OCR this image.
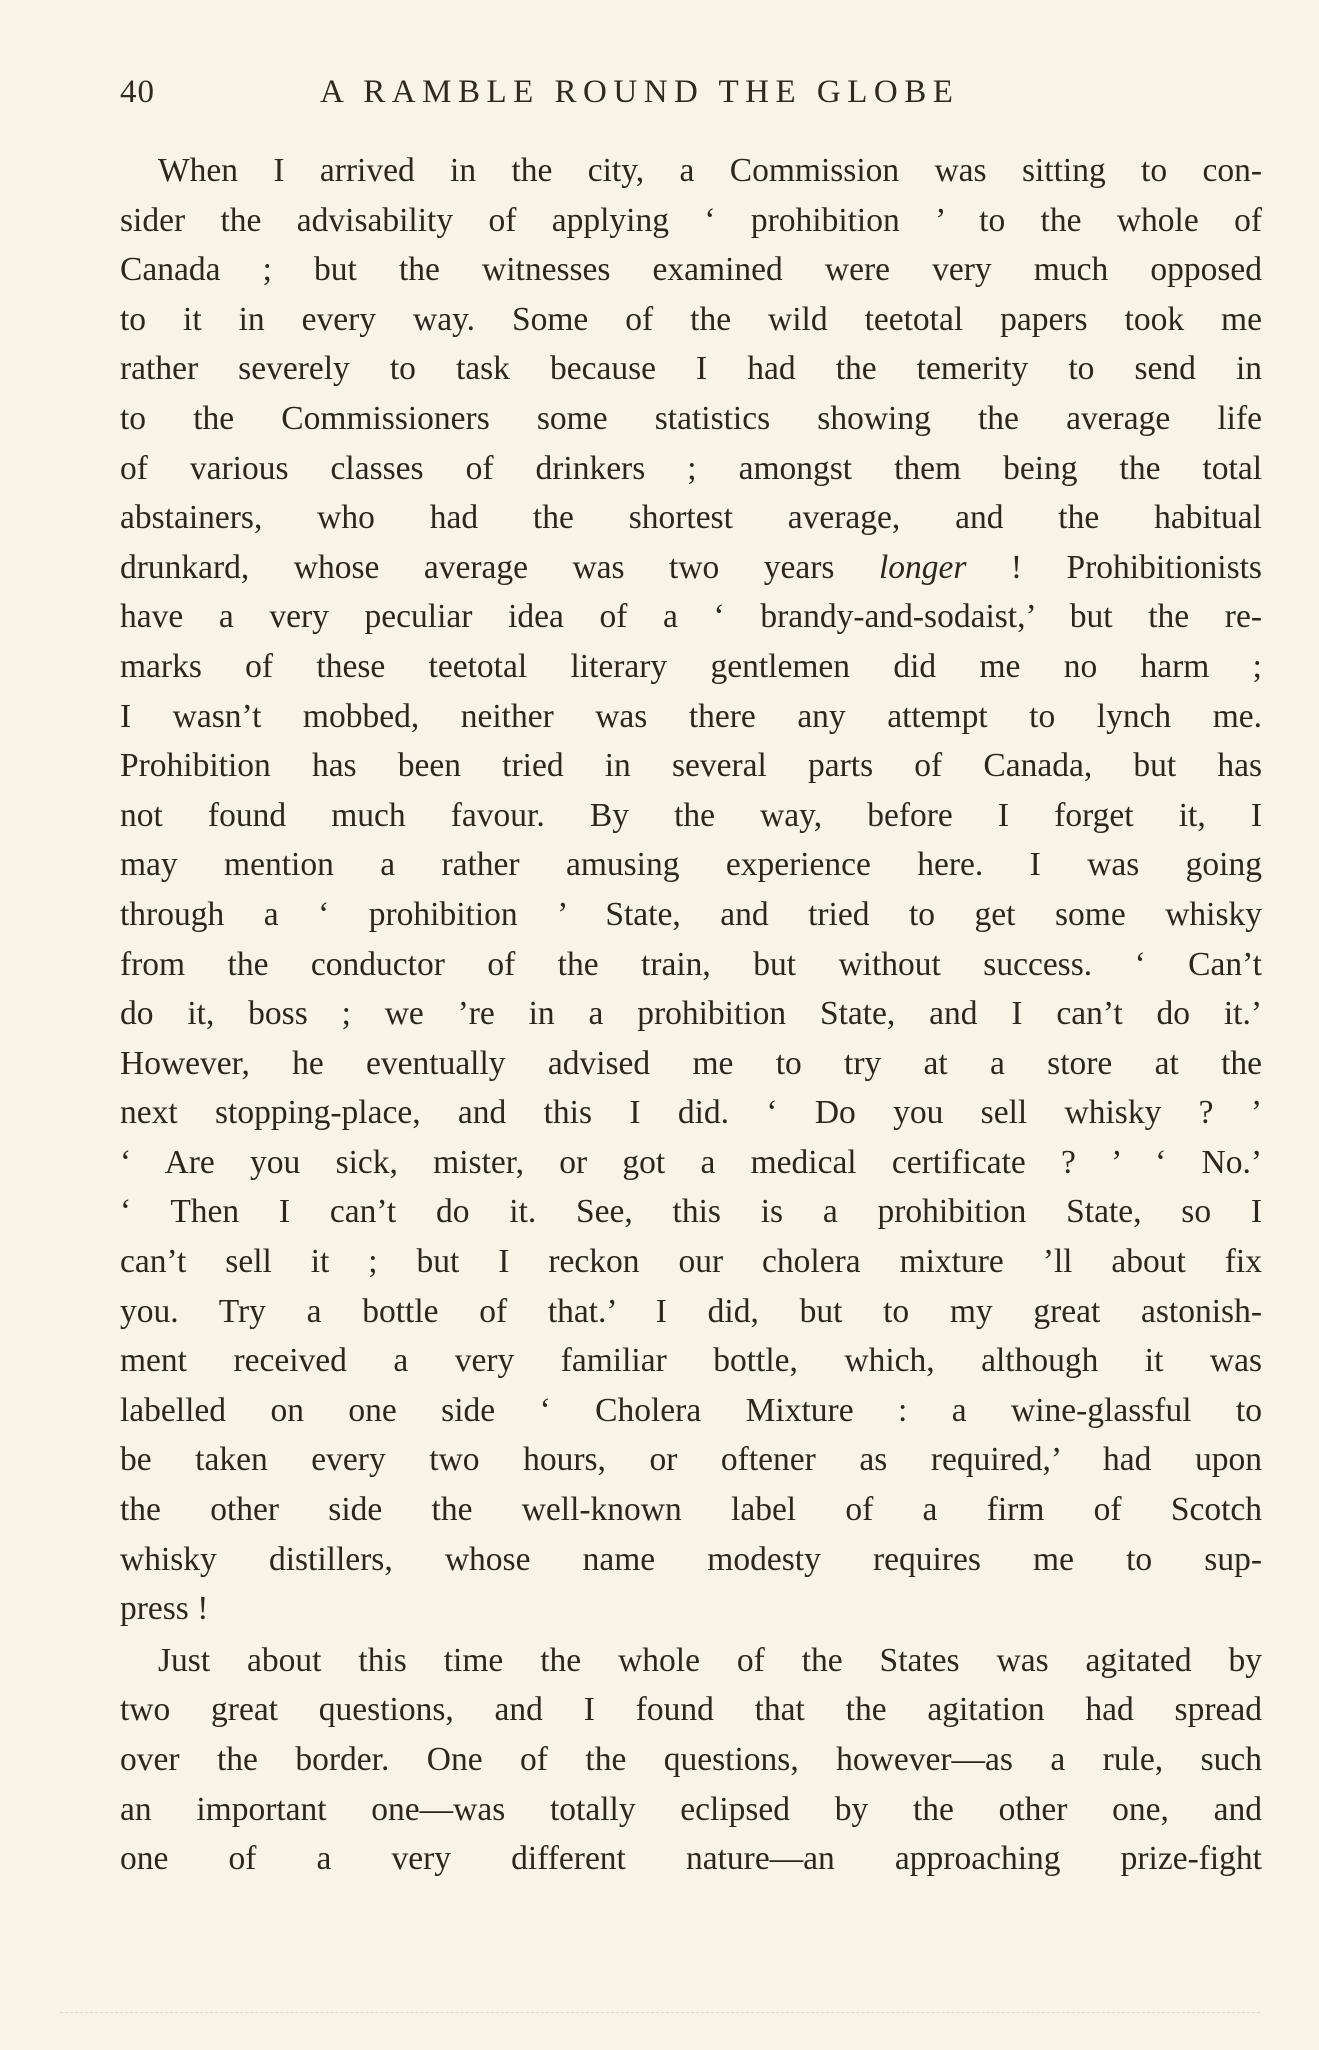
40	A RAMBLE ROUND THE GLOBE
When I arrived in the city, a Commission was sitting to con-
sider the advisability of applying ‘ prohibition ’ to the whole of
Canada ; but the witnesses examined were very much opposed
to it in every way. Some of the wild teetotal papers took me
rather severely to task because I had the temerity to send in
to the Commissioners some statistics showing the average life
of various classes of drinkers ; amongst them being the total
abstainers, who had the shortest average, and the habitual
drunkard, whose average was two years longer ! Prohibitionists
have a very peculiar idea of a ‘ brandy-and-sodaist,’ but the re-
marks of these teetotal literary gentlemen did me no harm ;
I wasn’t mobbed, neither was there any attempt to lynch me.
Prohibition has been tried in several parts of Canada, but has
not found much favour. By the way, before I forget it, I
may mention a rather amusing experience here. I was going
through a ‘ prohibition ’ State, and tried to get some whisky
from the conductor of the train, but without success. ‘ Can’t
do it, boss ; we ’re in a prohibition State, and I can’t do it.’
However, he eventually advised me to try at a store at the
next stopping-place, and this I did. ‘ Do you sell whisky ? ’
‘ Are you sick, mister, or got a medical certificate ? ’ ‘ No.’
‘ Then I can’t do it. See, this is a prohibition State, so I
can’t sell it ; but I reckon our cholera mixture ’ll about fix
you. Try a bottle of that.’ I did, but to my great astonish-
ment received a very familiar bottle, which, although it was
labelled on one side ‘ Cholera Mixture : a wine-glassful to
be taken every two hours, or oftener as required,’ had upon
the other side the well-known label of a firm of Scotch
whisky distillers, whose name modesty requires me to sup-
press !
Just about this time the whole of the States was agitated by
two great questions, and I found that the agitation had spread
over the border. One of the questions, however—as a rule, such
an important one—was totally eclipsed by the other one, and
one of a very different nature—an approaching prize-fight
